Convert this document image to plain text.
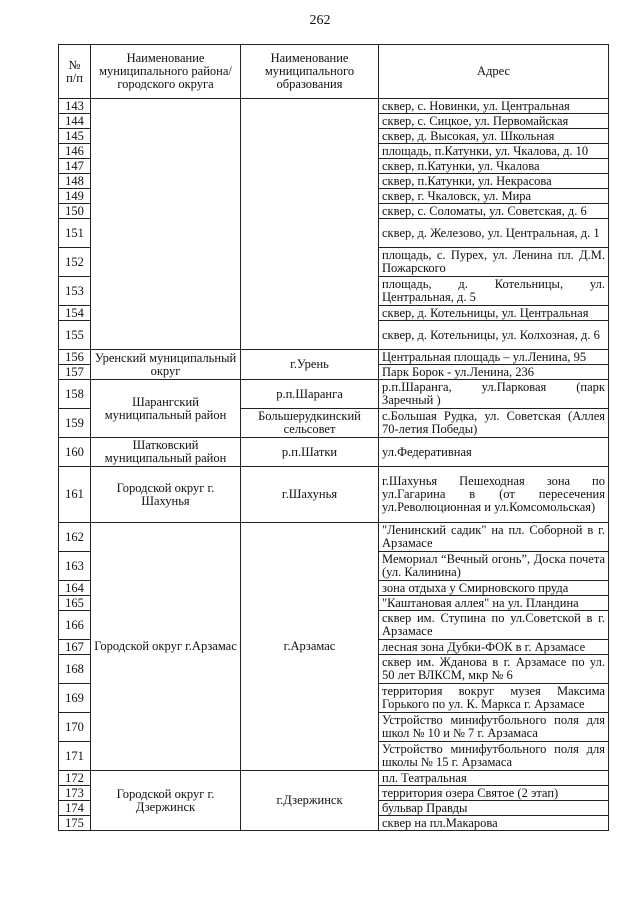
262
№ п/п	Наименование муниципального района/ городского округа	Наименование муниципального образования	Адрес
143			сквер, с. Новинки, ул. Центральная
144			сквер, с. Сицкое, ул. Первомайская
145			сквер, д. Высокая, ул. Школьная
146			площадь, п.Катунки, ул. Чкалова, д. 10
147			сквер, п.Катунки, ул. Чкалова
148			сквер, п.Катунки, ул. Некрасова
149			сквер, г. Чкаловск, ул. Мира
150			сквер, с. Соломаты, ул. Советская, д. 6
151			сквер, д. Железово, ул. Центральная, д. 1
152			площадь, с. Пурех, ул. Ленина пл. Д.М. Пожарского
153			площадь, д. Котельницы, ул. Центральная, д. 5
154			сквер, д. Котельницы, ул. Центральная
155			сквер, д. Котельницы, ул. Колхозная, д. 6
156	Уренский муниципальный округ	г.Урень	Центральная площадь – ул.Ленина, 95
157			Парк Борок - ул.Ленина, 236
158	Шарангский муниципальный район	р.п.Шаранга	р.п.Шаранга, ул.Парковая (парк Заречный )
159		Большерудкинский сельсовет	с.Большая Рудка, ул. Советская (Аллея 70-летия Победы)
160	Шатковский муниципальный район	р.п.Шатки	ул.Федеративная
161	Городской округ г. Шахунья	г.Шахунья	г.Шахунья Пешеходная зона по ул.Гагарина в (от пересечения ул.Революционная и ул.Комсомольская)
162	Городской округ г.Арзамас	г.Арзамас	"Ленинский садик" на пл. Соборной в г. Арзамасе
163			Мемориал “Вечный огонь”, Доска почета (ул. Калинина)
164			зона отдыха у Смирновского пруда
165			"Каштановая аллея" на ул. Пландина
166			сквер им. Ступина по ул.Советской в г. Арзамасе
167			лесная зона Дубки-ФОК в г. Арзамасе
168			сквер им. Жданова в г. Арзамасе по ул. 50 лет ВЛКСМ, мкр № 6
169			территория вокруг музея Максима Горького по ул. К. Маркса г. Арзамасе
170			Устройство минифутбольного поля для школ № 10 и № 7 г. Арзамаса
171			Устройство минифутбольного поля для школы № 15 г. Арзамаса
172	Городской округ г. Дзержинск	г.Дзержинск	пл. Театральная
173			территория озера Святое (2 этап)
174			бульвар Правды
175			сквер на пл.Макарова
